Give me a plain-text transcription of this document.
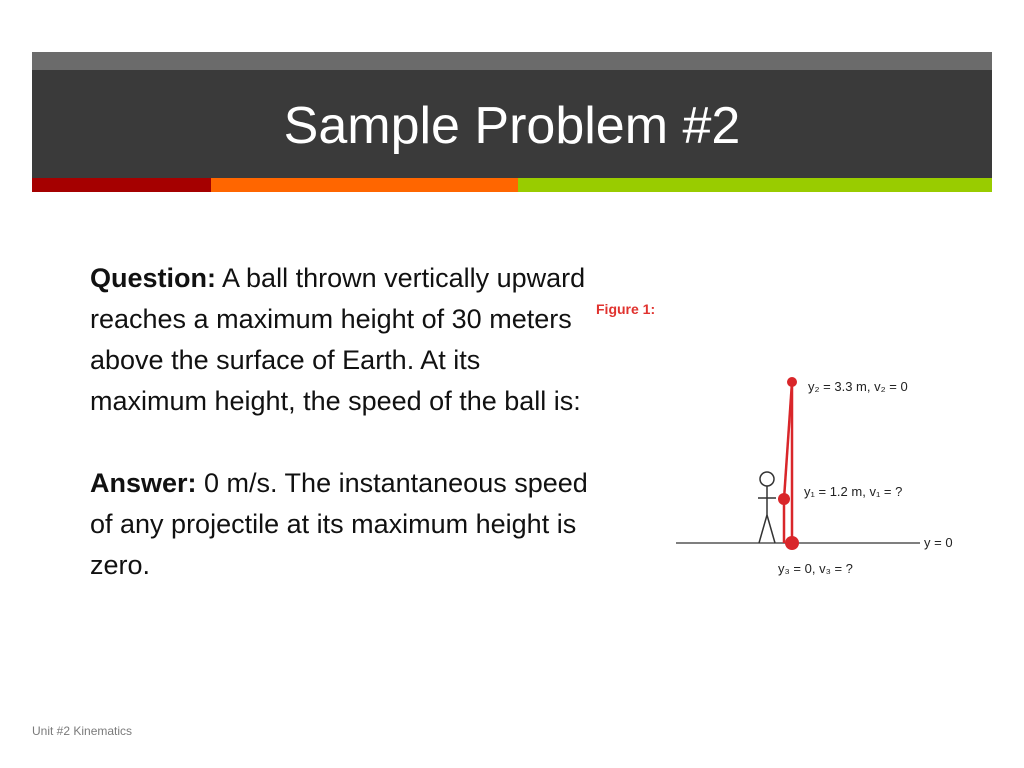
Sample Problem #2

Question: A ball thrown vertically upward reaches a maximum height of 30 meters above the surface of Earth. At its maximum height, the speed of the ball is:

Answer: 0 m/s. The instantaneous speed of any projectile at its maximum height is zero.

Figure 1:
y₂ = 3.3 m, v₂ = 0
y₁ = 1.2 m, v₁ = ?
y₃ = 0, v₃ = ?
y = 0
Unit #2 Kinematics
